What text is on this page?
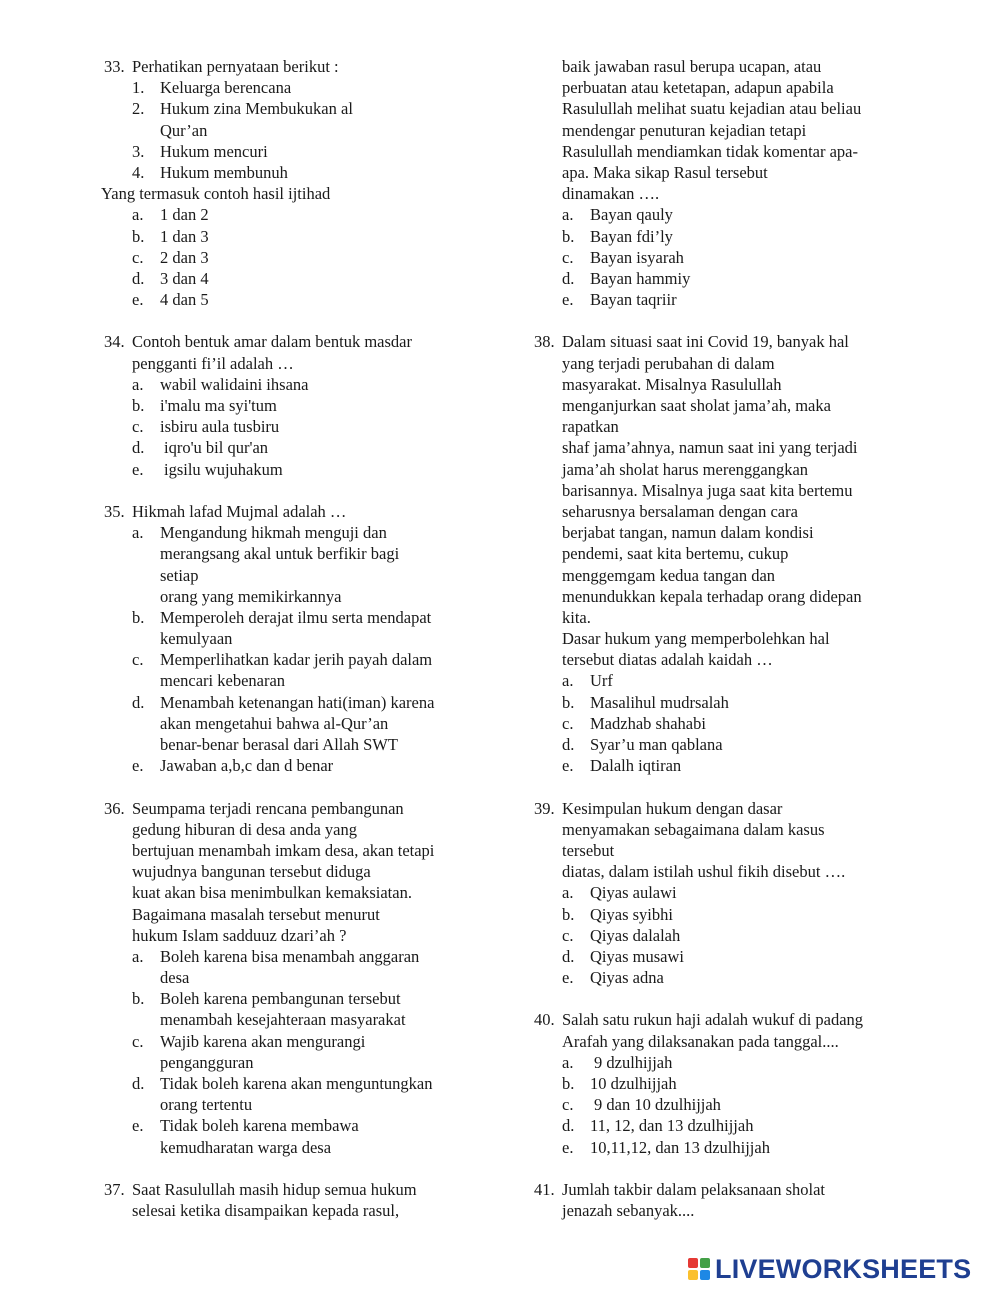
33. Perhatikan pernyataan berikut :
1. Keluarga berencana
2. Hukum zina Membukukan al
Qur’an
3. Hukum mencuri
4. Hukum membunuh
Yang termasuk contoh hasil ijtihad
a. 1 dan 2
b. 1 dan 3
c. 2 dan 3
d. 3 dan 4
e. 4 dan 5
34. Contoh bentuk amar dalam bentuk masdar
pengganti fi’il adalah …
a. wabil walidaini ihsana
b. i'malu ma syi'tum
c. isbiru aula tusbiru
d. iqro'u bil qur'an
e. igsilu wujuhakum
35. Hikmah lafad Mujmal adalah …
a. Mengandung hikmah menguji dan
merangsang akal untuk berfikir bagi
setiap
orang yang memikirkannya
b. Memperoleh derajat ilmu serta mendapat
kemulyaan
c. Memperlihatkan kadar jerih payah dalam
mencari kebenaran
d. Menambah ketenangan hati(iman) karena
akan mengetahui bahwa al-Qur’an
benar-benar berasal dari Allah SWT
e. Jawaban a,b,c dan d benar
36. Seumpama terjadi rencana pembangunan
gedung hiburan di desa anda yang
bertujuan menambah imkam desa, akan tetapi
wujudnya bangunan tersebut diduga
kuat akan bisa menimbulkan kemaksiatan.
Bagaimana masalah tersebut menurut
hukum Islam sadduuz dzari’ah ?
a. Boleh karena bisa menambah anggaran
desa
b. Boleh karena pembangunan tersebut
menambah kesejahteraan masyarakat
c. Wajib karena akan mengurangi
pengangguran
d. Tidak boleh karena akan menguntungkan
orang tertentu
e. Tidak boleh karena membawa
kemudharatan warga desa
37. Saat Rasulullah masih hidup semua hukum
selesai ketika disampaikan kepada rasul,
baik jawaban rasul berupa ucapan, atau
perbuatan atau ketetapan, adapun apabila
Rasulullah melihat suatu kejadian atau beliau
mendengar penuturan kejadian tetapi
Rasulullah mendiamkan tidak komentar apa-
apa. Maka sikap Rasul tersebut
dinamakan ….
a. Bayan qauly
b. Bayan fdi’ly
c. Bayan isyarah
d. Bayan hammiy
e. Bayan taqriir
38. Dalam situasi saat ini Covid 19, banyak hal
yang terjadi perubahan di dalam
masyarakat. Misalnya Rasulullah
menganjurkan saat sholat jama’ah, maka
rapatkan
shaf jama’ahnya, namun saat ini yang terjadi
jama’ah sholat harus merenggangkan
barisannya. Misalnya juga saat kita bertemu
seharusnya bersalaman dengan cara
berjabat tangan, namun dalam kondisi
pendemi, saat kita bertemu, cukup
menggemgam kedua tangan dan
menundukkan kepala terhadap orang didepan
kita.
Dasar hukum yang memperbolehkan hal
tersebut diatas adalah kaidah …
a. Urf
b. Masalihul mudrsalah
c. Madzhab shahabi
d. Syar’u man qablana
e. Dalalh iqtiran
39. Kesimpulan hukum dengan dasar
menyamakan sebagaimana dalam kasus
tersebut
diatas, dalam istilah ushul fikih disebut ….
a. Qiyas aulawi
b. Qiyas syibhi
c. Qiyas dalalah
d. Qiyas musawi
e. Qiyas adna
40. Salah satu rukun haji adalah wukuf di padang
Arafah yang dilaksanakan pada tanggal....
a. 9 dzulhijjah
b. 10 dzulhijjah
c. 9 dan 10 dzulhijjah
d. 11, 12, dan 13 dzulhijjah
e. 10,11,12, dan 13 dzulhijjah
41. Jumlah takbir dalam pelaksanaan sholat
jenazah sebanyak....
LIVEWORKSHEETS
